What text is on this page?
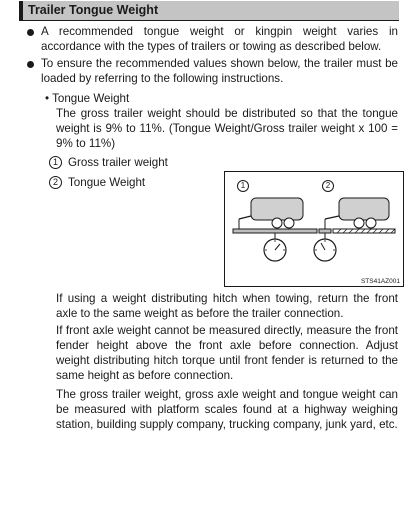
Trailer Tongue Weight
A recommended tongue weight or kingpin weight varies in accordance with the types of trailers or towing as described below.
To ensure the recommended values shown below, the trailer must be loaded by referring to the following instructions.
• Tongue Weight
The gross trailer weight should be distributed so that the tongue weight is 9% to 11%. (Tongue Weight/Gross trailer weight x 100 = 9% to 11%)
1 Gross trailer weight
2 Tongue Weight	1	2
STS41AZ001
If using a weight distributing hitch when towing, return the front axle to the same weight as before the trailer connection.
If front axle weight cannot be measured directly, measure the front fender height above the front axle before connection. Adjust weight distributing hitch torque until front fender is returned to the same height as before connection.
The gross trailer weight, gross axle weight and tongue weight can be measured with platform scales found at a highway weighing station, building supply company, trucking company, junk yard, etc.
